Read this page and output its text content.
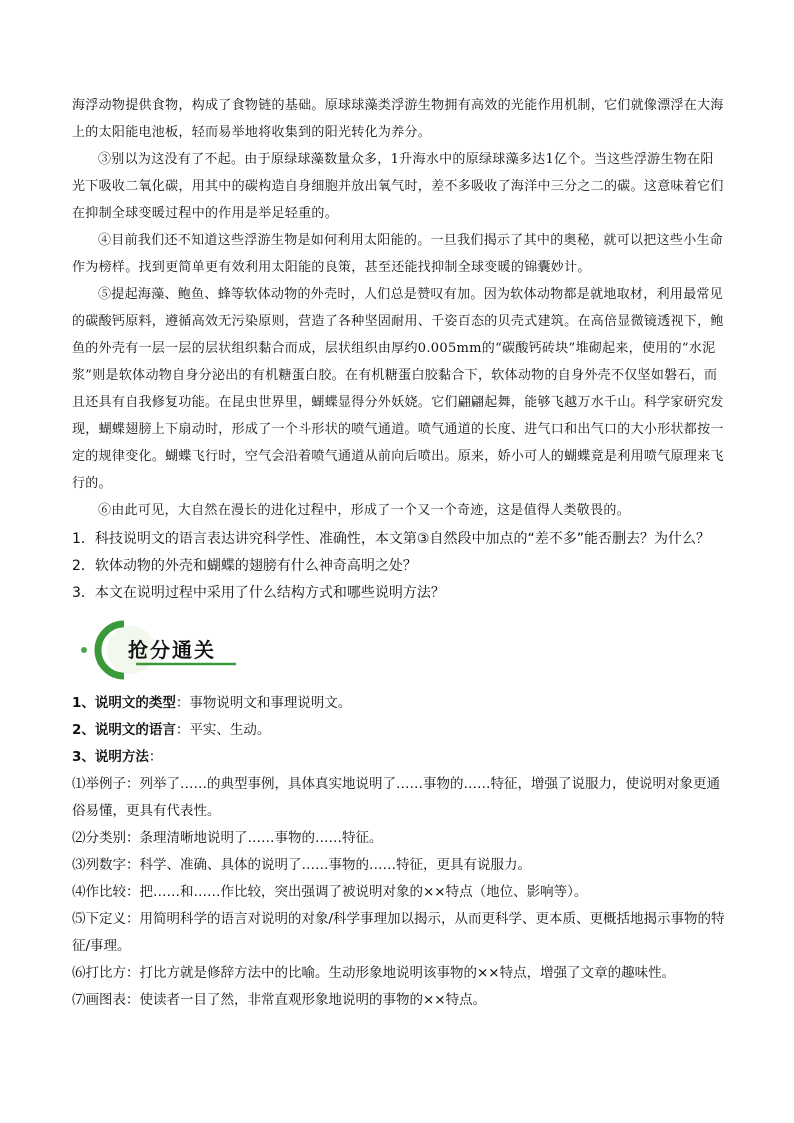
海浮动物提供食物，构成了食物链的基础。原球球藻类浮游生物拥有高效的光能作用机制，它们就像漂浮在大海上的太阳能电池板，轻而易举地将收集到的阳光转化为养分。
③别以为这没有了不起。由于原绿球藻数量众多，1升海水中的原绿球藻多达1亿个。当这些浮游生物在阳光下吸收二氧化碳，用其中的碳构造自身细胞并放出氧气时，差不多吸收了海洋中三分之二的碳。这意味着它们在抑制全球变暖过程中的作用是举足轻重的。
④目前我们还不知道这些浮游生物是如何利用太阳能的。一旦我们揭示了其中的奥秘，就可以把这些小生命作为榜样。找到更简单更有效利用太阳能的良策，甚至还能找抑制全球变暖的锦囊妙计。
⑤提起海藻、鲍鱼、蜂等软体动物的外壳时，人们总是赞叹有加。因为软体动物都是就地取材，利用最常见的碳酸钙原料，遵循高效无污染原则，营造了各种坚固耐用、千姿百态的贝壳式建筑。在高倍显微镜透视下，鲍鱼的外壳有一层一层的层状组织黏合而成，层状组织由厚约0.005mm的“碳酸钙砖块”堆砌起来，使用的“水泥浆”则是软体动物自身分泌出的有机糖蛋白胶。在有机糖蛋白胶黏合下，软体动物的自身外壳不仅坚如磐石，而且还具有自我修复功能。在昆虫世界里，蝴蝶显得分外妖娆。它们翩翩起舞，能够飞越万水千山。科学家研究发现，蝴蝶翅膀上下扇动时，形成了一个斗形状的喷气通道。喷气通道的长度、进气口和出气口的大小形状都按一定的规律变化。蝴蝶飞行时，空气会沿着喷气通道从前向后喷出。原来，娇小可人的蝴蝶竟是利用喷气原理来飞行的。
⑥由此可见，大自然在漫长的进化过程中，形成了一个又一个奇迹，这是值得人类敬畏的。
1．科技说明文的语言表达讲究科学性、准确性，本文第③自然段中加点的“差不多”能否删去？为什么？
2．软体动物的外壳和蝴蝶的翅膀有什么神奇高明之处？
3．本文在说明过程中采用了什么结构方式和哪些说明方法？
抢分通关
1、说明文的类型：事物说明文和事理说明文。
2、说明文的语言：平实、生动。
3、说明方法：
⑴举例子：列举了……的典型事例，具体真实地说明了……事物的……特征，增强了说服力，使说明对象更通俗易懂，更具有代表性。
⑵分类别：条理清晰地说明了……事物的……特征。
⑶列数字：科学、准确、具体的说明了……事物的……特征，更具有说服力。
⑷作比较：把……和……作比较，突出强调了被说明对象的××特点（地位、影响等）。
⑸下定义：用简明科学的语言对说明的对象/科学事理加以揭示，从而更科学、更本质、更概括地揭示事物的特征/事理。
⑹打比方：打比方就是修辞方法中的比喻。生动形象地说明该事物的××特点，增强了文章的趣味性。
⑺画图表：使读者一目了然，非常直观形象地说明的事物的××特点。
